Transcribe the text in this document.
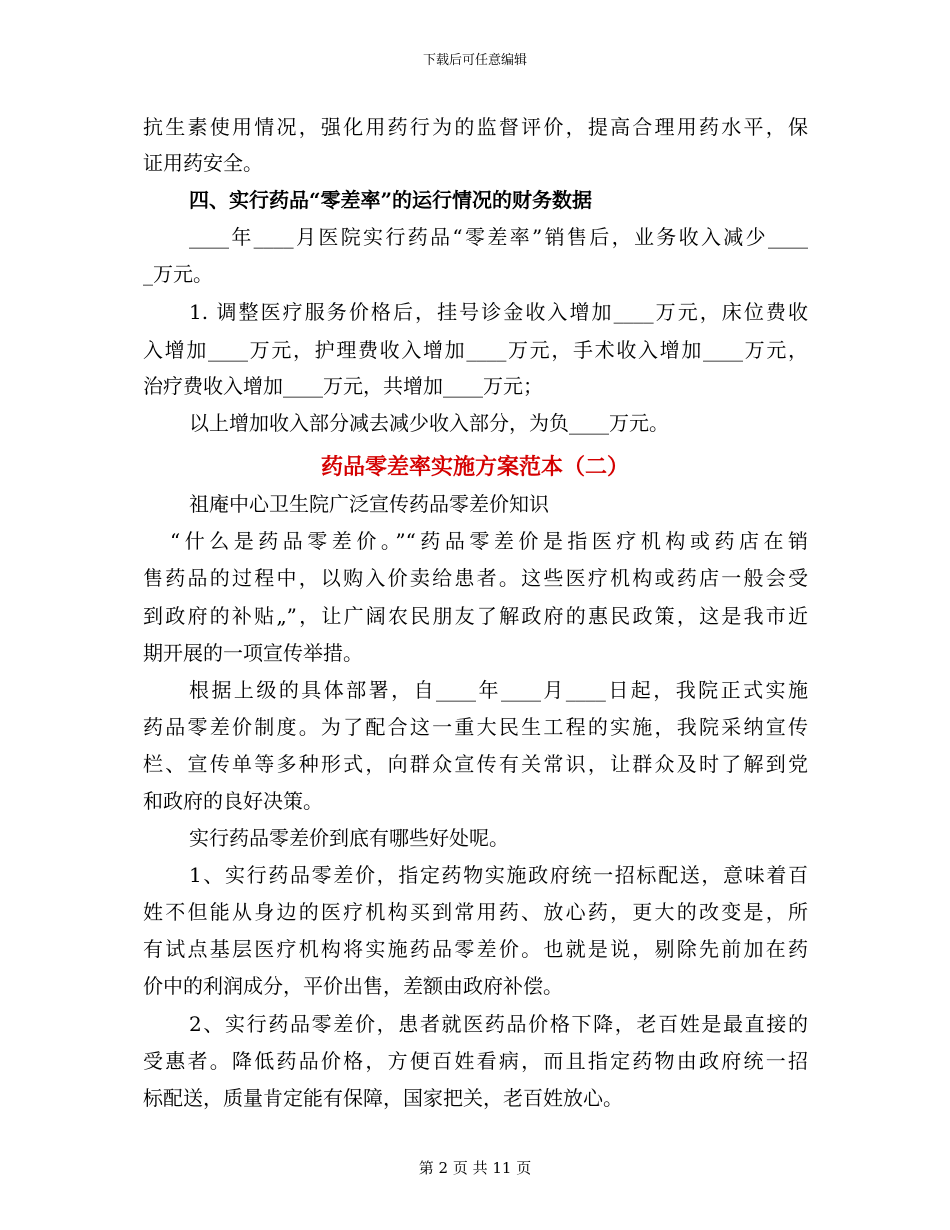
下载后可任意编辑
抗生素使用情况，强化用药行为的监督评价，提高合理用药水平，保
证用药安全。
四、实行药品“零差率”的运行情况的财务数据
____年____月医院实行药品“零差率”销售后，业务收入减少____
_万元。
1. 调整医疗服务价格后，挂号诊金收入增加____万元，床位费收
入增加____万元，护理费收入增加____万元，手术收入增加____万元，
治疗费收入增加____万元，共增加____万元；
以上增加收入部分减去减少收入部分，为负____万元。
药品零差率实施方案范本（二）
祖庵中心卫生院广泛宣传药品零差价知识
“什么是药品零差价。”“药品零差价是指医疗机构或药店在销
售药品的过程中，以购入价卖给患者。这些医疗机构或药店一般会受
到政府的补贴„”，让广阔农民朋友了解政府的惠民政策，这是我市近
期开展的一项宣传举措。
根据上级的具体部署，自____年____月____日起，我院正式实施
药品零差价制度。为了配合这一重大民生工程的实施，我院采纳宣传
栏、宣传单等多种形式，向群众宣传有关常识，让群众及时了解到党
和政府的良好决策。
实行药品零差价到底有哪些好处呢。
1、实行药品零差价，指定药物实施政府统一招标配送，意味着百
姓不但能从身边的医疗机构买到常用药、放心药，更大的改变是，所
有试点基层医疗机构将实施药品零差价。也就是说，剔除先前加在药
价中的利润成分，平价出售，差额由政府补偿。
2、实行药品零差价，患者就医药品价格下降，老百姓是最直接的
受惠者。降低药品价格，方便百姓看病，而且指定药物由政府统一招
标配送，质量肯定能有保障，国家把关，老百姓放心。
第 2 页 共 11 页
